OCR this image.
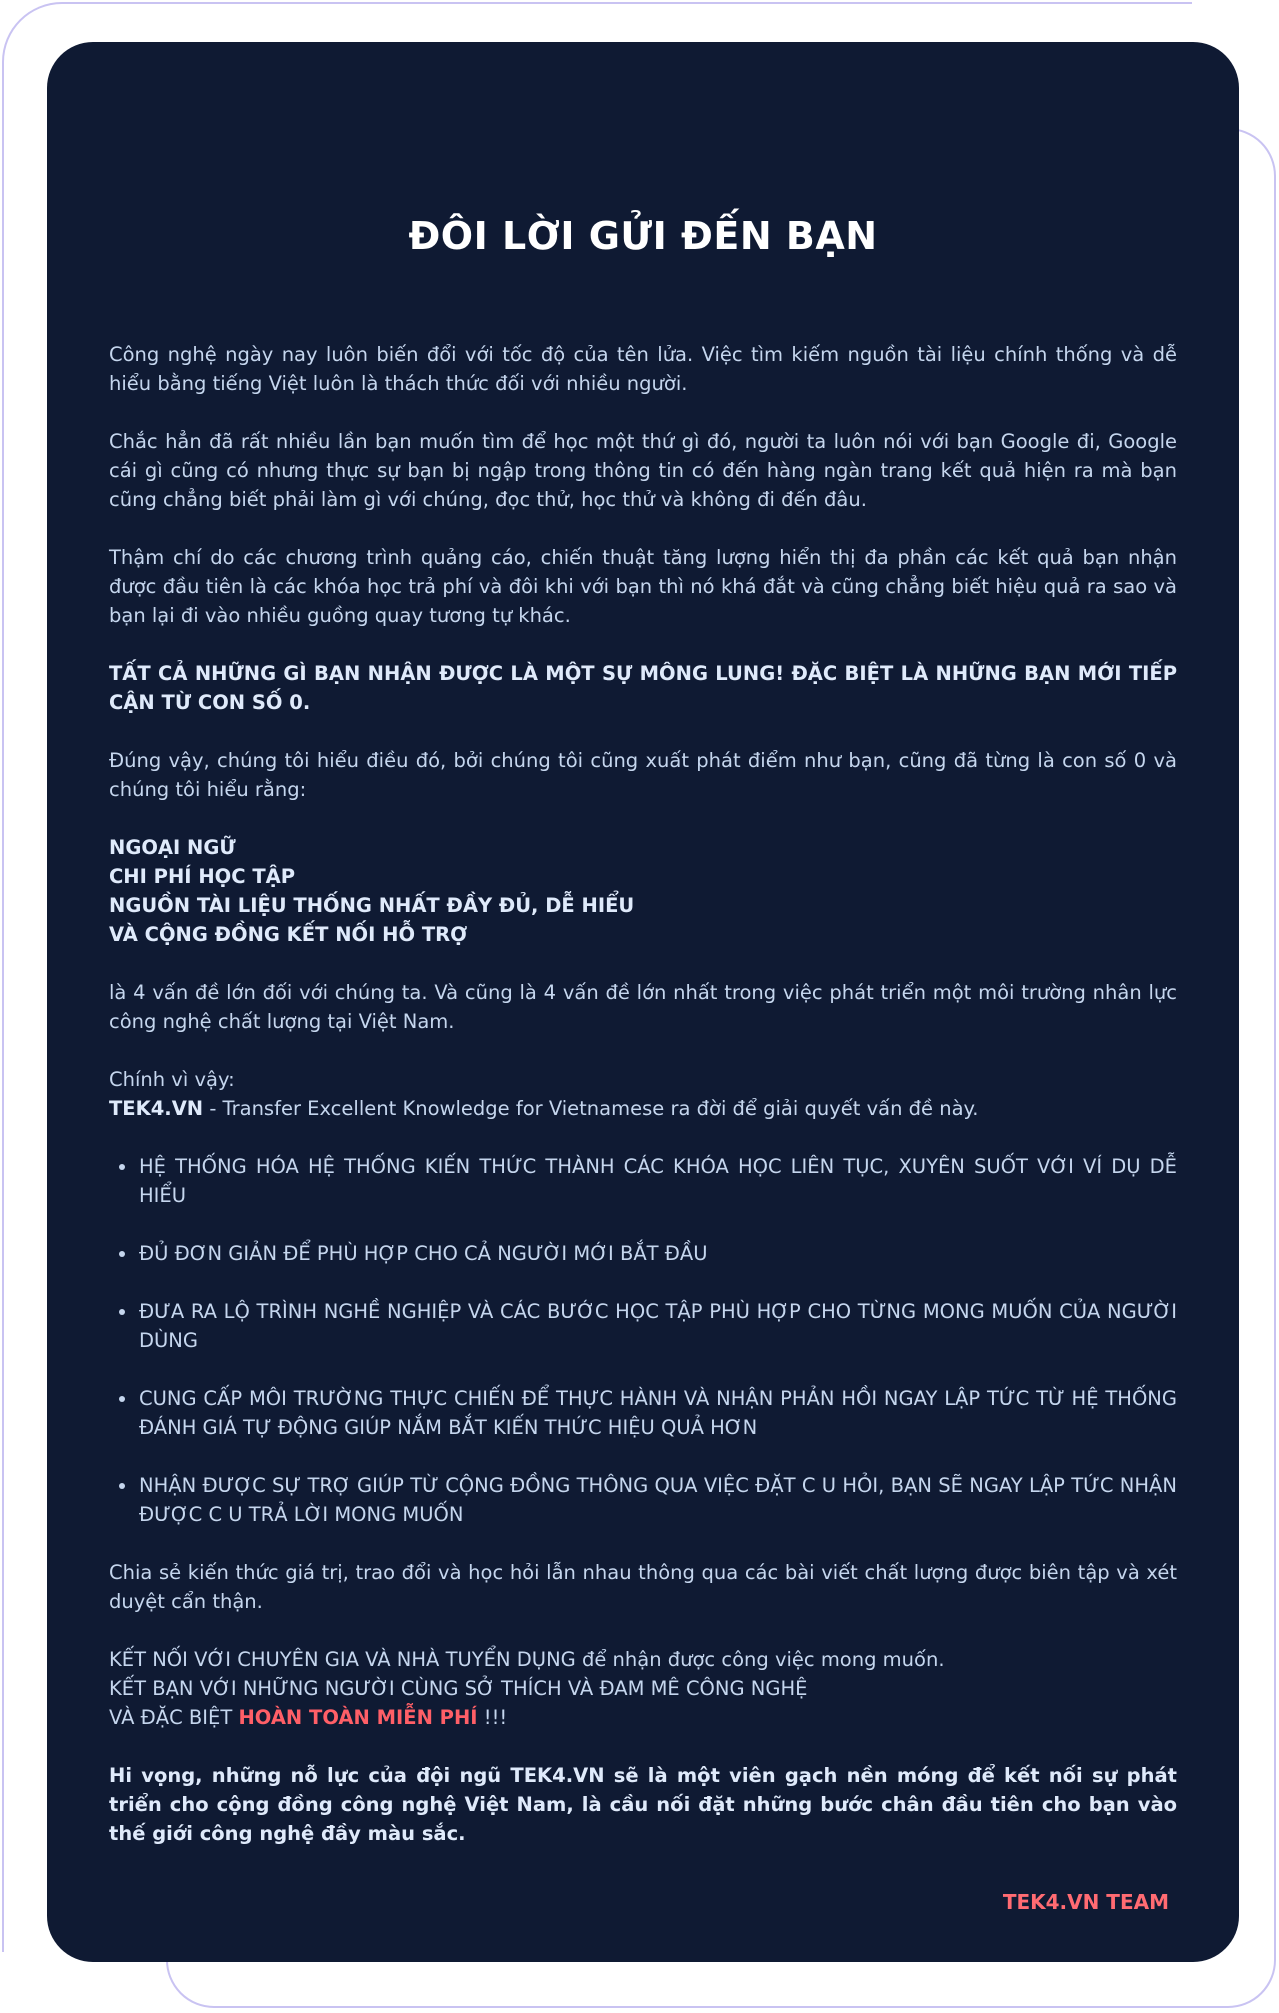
ĐÔI LỜI GỬI ĐẾN BẠN

Công nghệ ngày nay luôn biến đổi với tốc độ của tên lửa. Việc tìm kiếm nguồn tài liệu chính thống và dễ hiểu bằng tiếng Việt luôn là thách thức đối với nhiều người.

Chắc hẳn đã rất nhiều lần bạn muốn tìm để học một thứ gì đó, người ta luôn nói với bạn Google đi, Google cái gì cũng có nhưng thực sự bạn bị ngập trong thông tin có đến hàng ngàn trang kết quả hiện ra mà bạn cũng chẳng biết phải làm gì với chúng, đọc thử, học thử và không đi đến đâu.

Thậm chí do các chương trình quảng cáo, chiến thuật tăng lượng hiển thị đa phần các kết quả bạn nhận được đầu tiên là các khóa học trả phí và đôi khi với bạn thì nó khá đắt và cũng chẳng biết hiệu quả ra sao và bạn lại đi vào nhiều guồng quay tương tự khác.

TẤT CẢ NHỮNG GÌ BẠN NHẬN ĐƯỢC LÀ MỘT SỰ MÔNG LUNG! ĐẶC BIỆT LÀ NHỮNG BẠN MỚI TIẾP CẬN TỪ CON SỐ 0.

Đúng vậy, chúng tôi hiểu điều đó, bởi chúng tôi cũng xuất phát điểm như bạn, cũng đã từng là con số 0 và chúng tôi hiểu rằng:

NGOẠI NGỮ
CHI PHÍ HỌC TẬP
NGUỒN TÀI LIỆU THỐNG NHẤT ĐẦY ĐỦ, DỄ HIỂU
VÀ CỘNG ĐỒNG KẾT NỐI HỖ TRỢ

là 4 vấn đề lớn đối với chúng ta. Và cũng là 4 vấn đề lớn nhất trong việc phát triển một môi trường nhân lực công nghệ chất lượng tại Việt Nam.

Chính vì vậy:
TEK4.VN - Transfer Excellent Knowledge for Vietnamese ra đời để giải quyết vấn đề này.

HỆ THỐNG HÓA HỆ THỐNG KIẾN THỨC THÀNH CÁC KHÓA HỌC LIÊN TỤC, XUYÊN SUỐT VỚI VÍ DỤ DỄ HIỂU
ĐỦ ĐƠN GIẢN ĐỂ PHÙ HỢP CHO CẢ NGƯỜI MỚI BẮT ĐẦU
ĐƯA RA LỘ TRÌNH NGHỀ NGHIỆP VÀ CÁC BƯỚC HỌC TẬP PHÙ HỢP CHO TỪNG MONG MUỐN CỦA NGƯỜI DÙNG
CUNG CẤP MÔI TRƯỜNG THỰC CHIẾN ĐỂ THỰC HÀNH VÀ NHẬN PHẢN HỒI NGAY LẬP TỨC TỪ HỆ THỐNG ĐÁNH GIÁ TỰ ĐỘNG GIÚP NẮM BẮT KIẾN THỨC HIỆU QUẢ HƠN
NHẬN ĐƯỢC SỰ TRỢ GIÚP TỪ CỘNG ĐỒNG THÔNG QUA VIỆC ĐẶT C U HỎI, BẠN SẼ NGAY LẬP TỨC NHẬN ĐƯỢC C U TRẢ LỜI MONG MUỐN

Chia sẻ kiến thức giá trị, trao đổi và học hỏi lẫn nhau thông qua các bài viết chất lượng được biên tập và xét duyệt cẩn thận.

KẾT NỐI VỚI CHUYÊN GIA VÀ NHÀ TUYỂN DỤNG để nhận được công việc mong muốn.
KẾT BẠN VỚI NHỮNG NGƯỜI CÙNG SỞ THÍCH VÀ ĐAM MÊ CÔNG NGHỆ
VÀ ĐẶC BIỆT HOÀN TOÀN MIỄN PHÍ !!!

Hi vọng, những nỗ lực của đội ngũ TEK4.VN sẽ là một viên gạch nền móng để kết nối sự phát triển cho cộng đồng công nghệ Việt Nam, là cầu nối đặt những bước chân đầu tiên cho bạn vào thế giới công nghệ đầy màu sắc.

TEK4.VN TEAM
